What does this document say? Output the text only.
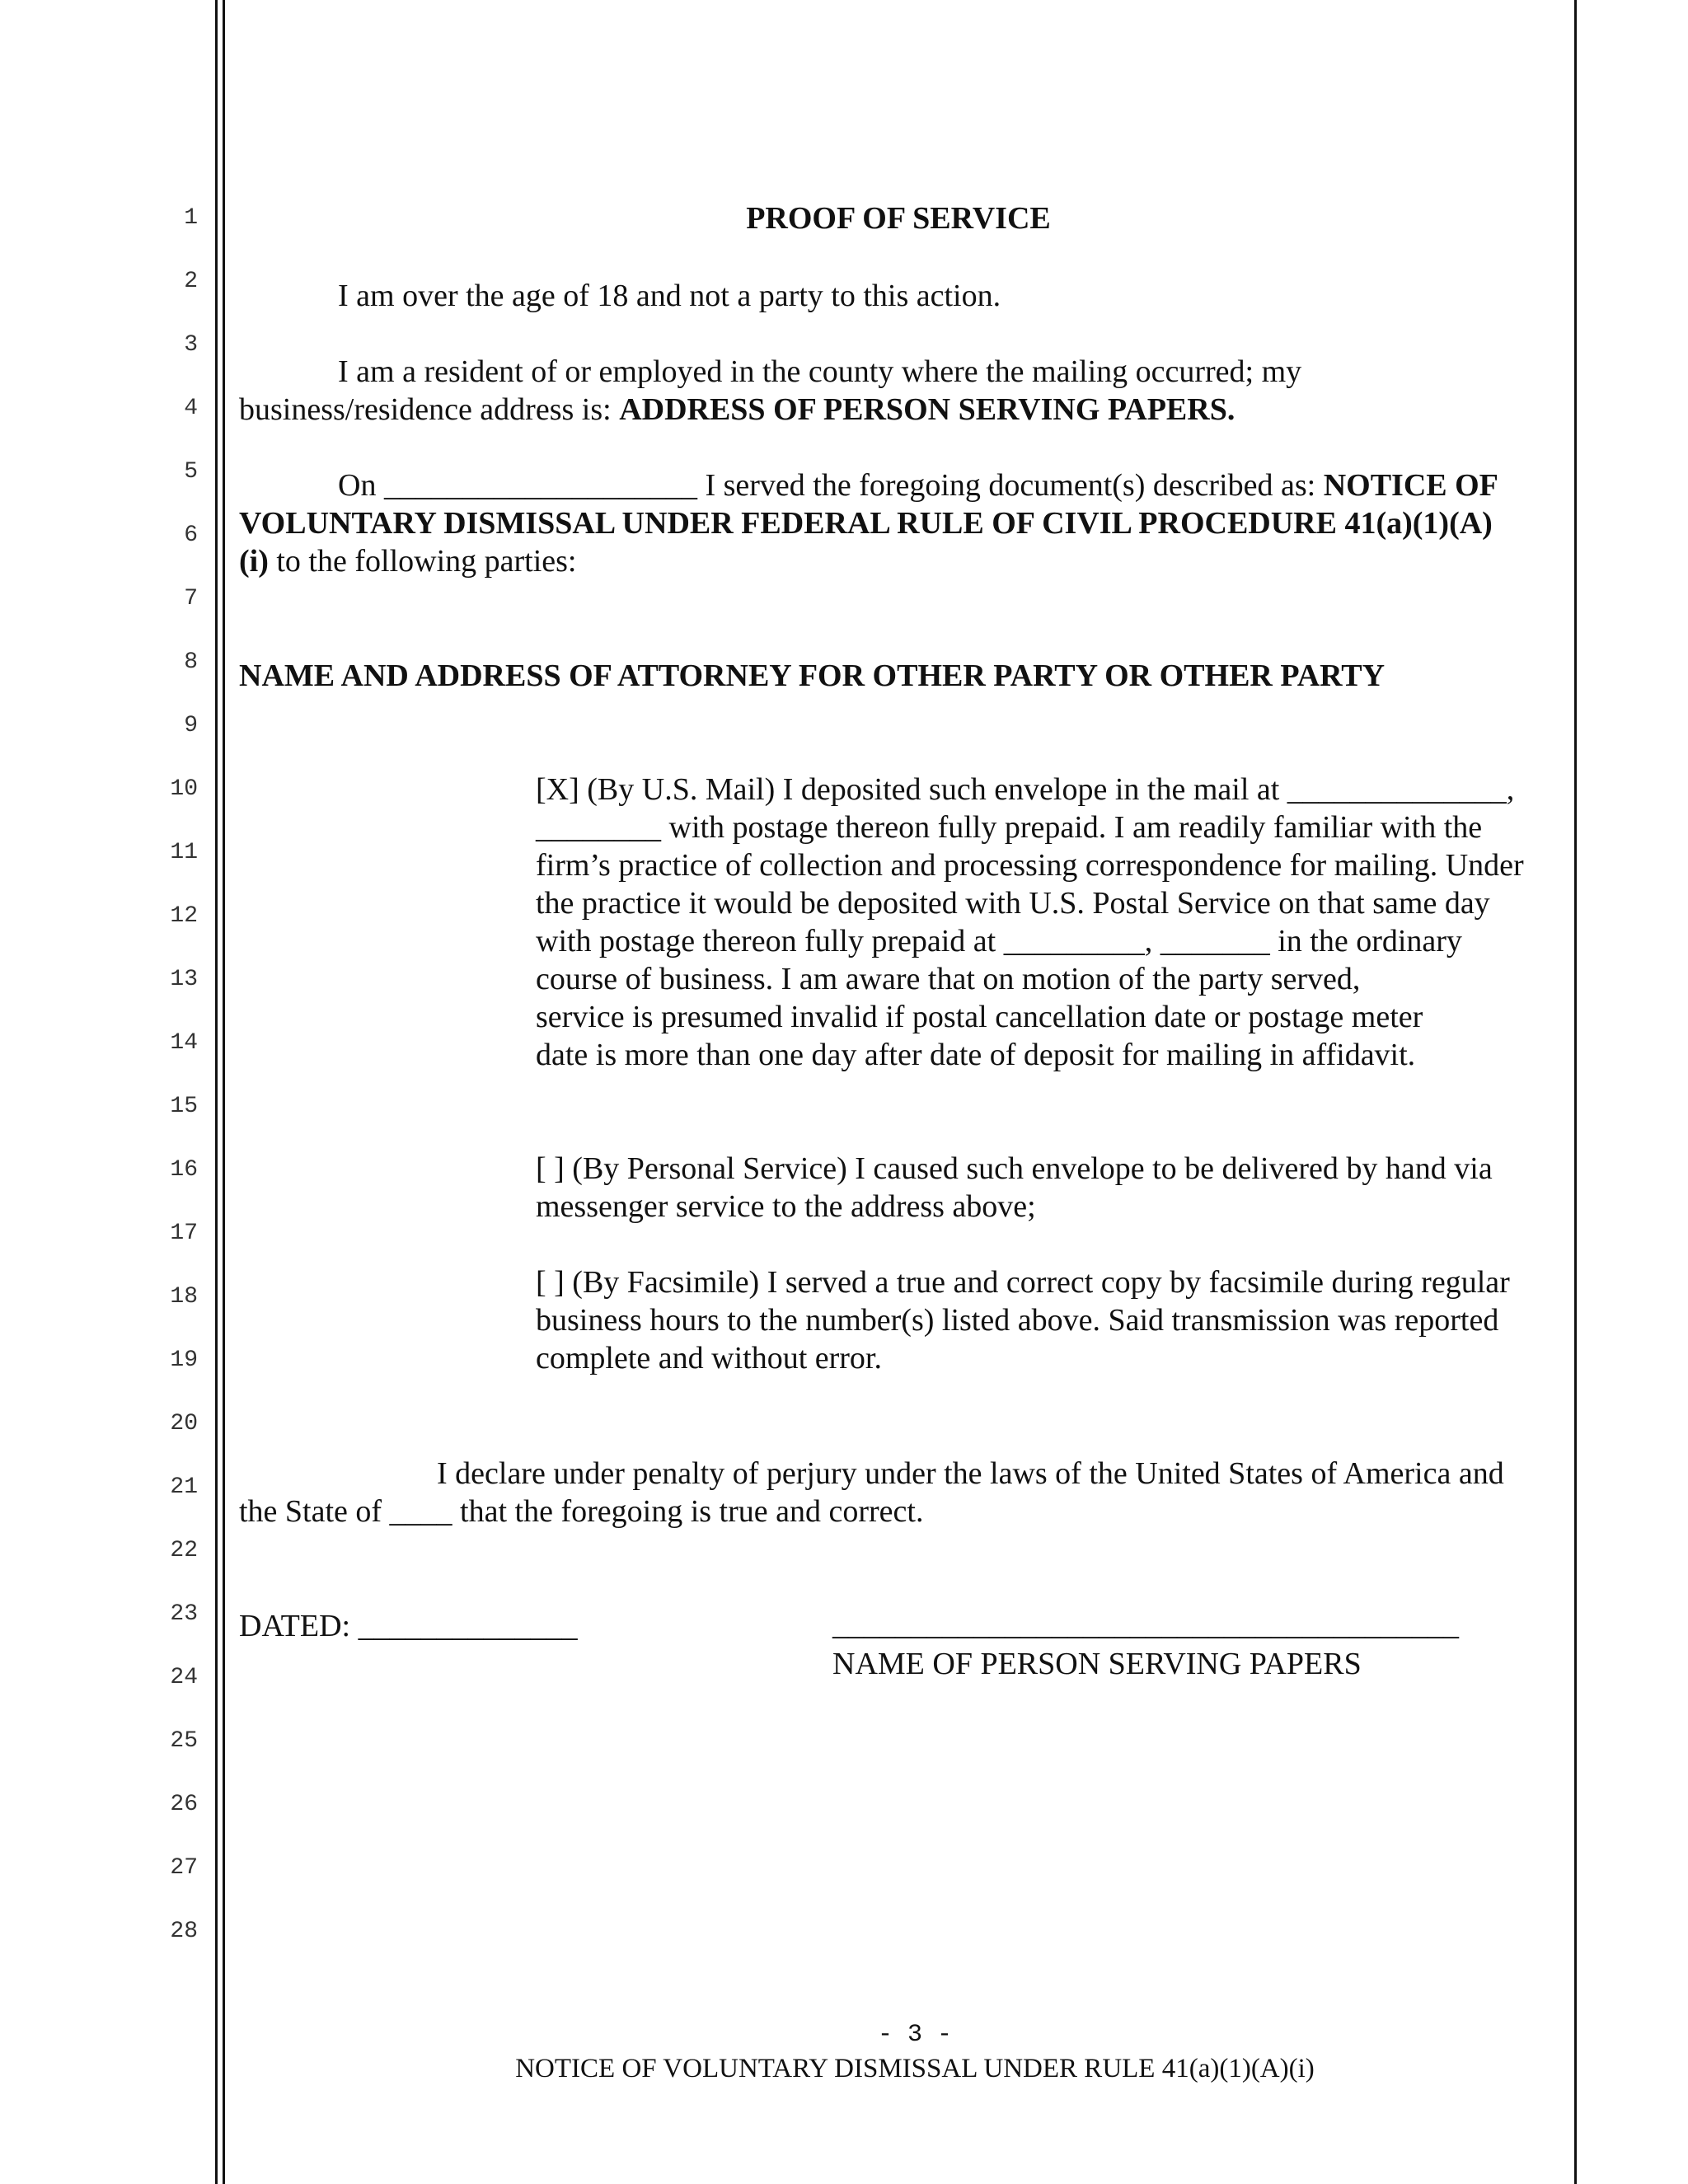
1
2
3
4
5
6
7
8
9
10
11
12
13
14
15
16
17
18
19
20
21
22
23
24
25
26
27
28
PROOF OF SERVICE
I am over the age of 18 and not a party to this action.
I am a resident of or employed in the county where the mailing occurred; my
business/residence address is: ADDRESS OF PERSON SERVING PAPERS.
On ____________________ I served the foregoing document(s) described as: NOTICE OF
VOLUNTARY DISMISSAL UNDER FEDERAL RULE OF CIVIL PROCEDURE 41(a)(1)(A)
(i) to the following parties:
NAME AND ADDRESS OF ATTORNEY FOR OTHER PARTY OR OTHER PARTY
[X] (By U.S. Mail) I deposited such envelope in the mail at ______________,
________ with postage thereon fully prepaid. I am readily familiar with the
firm’s practice of collection and processing correspondence for mailing. Under
the practice it would be deposited with U.S. Postal Service on that same day
with postage thereon fully prepaid at _________, _______ in the ordinary
course of business. I am aware that on motion of the party served,
service is presumed invalid if postal cancellation date or postage meter
date is more than one day after date of deposit for mailing in affidavit.
[ ] (By Personal Service) I caused such envelope to be delivered by hand via
messenger service to the address above;
[ ] (By Facsimile) I served a true and correct copy by facsimile during regular
business hours to the number(s) listed above. Said transmission was reported
complete and without error.
I declare under penalty of perjury under the laws of the United States of America and
the State of ____ that the foregoing is true and correct.
DATED: ______________	________________________________________
NAME OF PERSON SERVING PAPERS
- 3 -
NOTICE OF VOLUNTARY DISMISSAL UNDER RULE 41(a)(1)(A)(i)
